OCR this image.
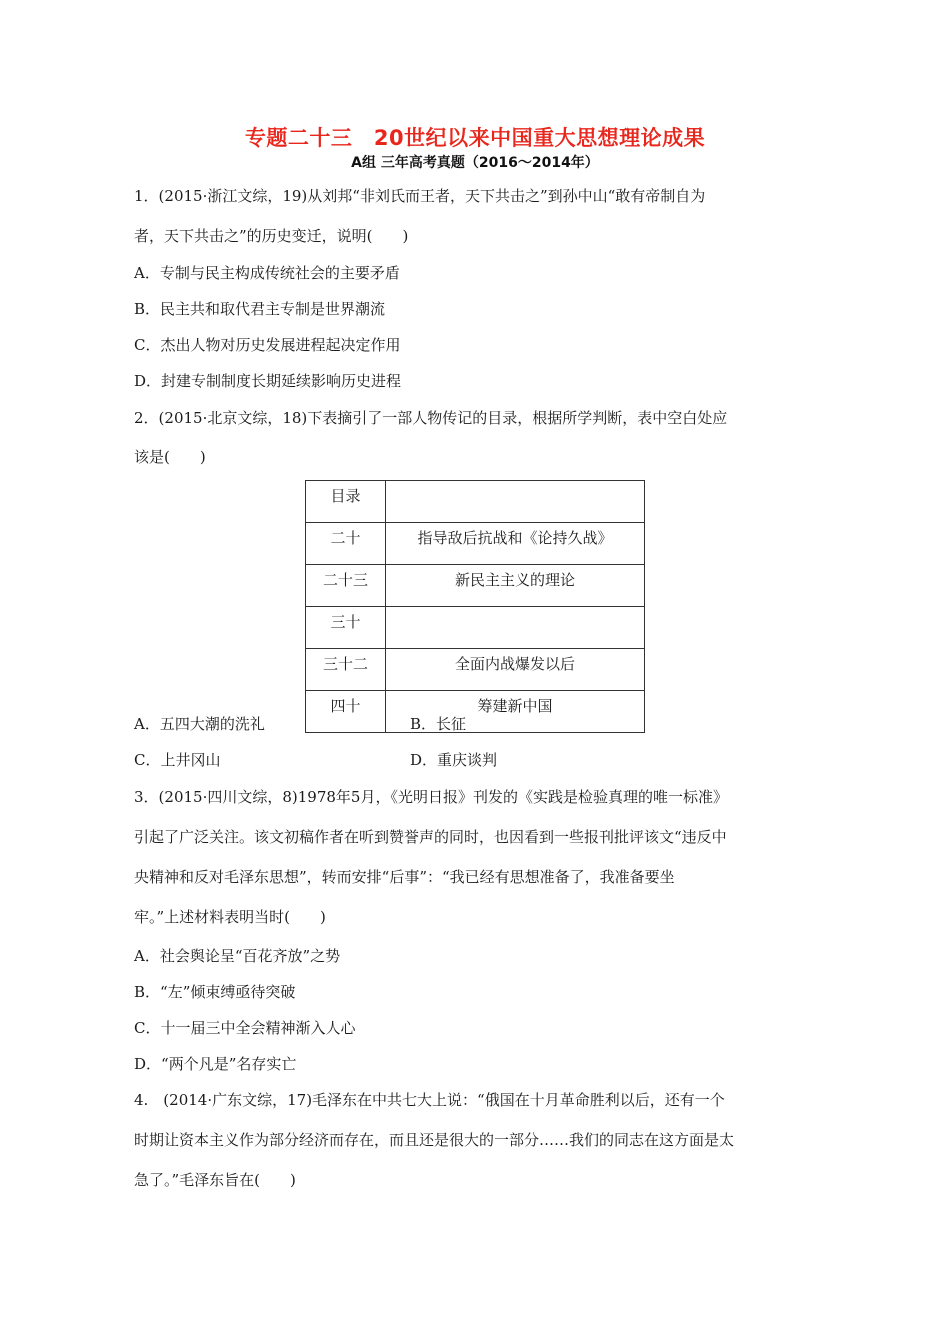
专题二十三　20世纪以来中国重大思想理论成果
A组 三年高考真题（2016～2014年）
1．(2015·浙江文综，19)从刘邦“非刘氏而王者，天下共击之”到孙中山“敢有帝制自为
者，天下共击之”的历史变迁，说明(　　)
A．专制与民主构成传统社会的主要矛盾
B．民主共和取代君主专制是世界潮流
C．杰出人物对历史发展进程起决定作用
D．封建专制制度长期延续影响历史进程
2．(2015·北京文综，18)下表摘引了一部人物传记的目录，根据所学判断，表中空白处应
该是(　　)
目录	
二十	指导敌后抗战和《论持久战》
二十三	新民主主义的理论
三十	
三十二	全面内战爆发以后
四十	筹建新中国
A．五四大潮的洗礼	B．长征
C．上井冈山	D．重庆谈判
3．(2015·四川文综，8)1978年5月，《光明日报》刊发的《实践是检验真理的唯一标准》
引起了广泛关注。该文初稿作者在听到赞誉声的同时，也因看到一些报刊批评该文“违反中
央精神和反对毛泽东思想”，转而安排“后事”：“我已经有思想准备了，我准备要坐
牢。”上述材料表明当时(　　)
A．社会舆论呈“百花齐放”之势
B．“左”倾束缚亟待突破
C．十一届三中全会精神渐入人心
D．“两个凡是”名存实亡
4.　(2014·广东文综，17)毛泽东在中共七大上说：“俄国在十月革命胜利以后，还有一个
时期让资本主义作为部分经济而存在，而且还是很大的一部分……我们的同志在这方面是太
急了。”毛泽东旨在(　　)
